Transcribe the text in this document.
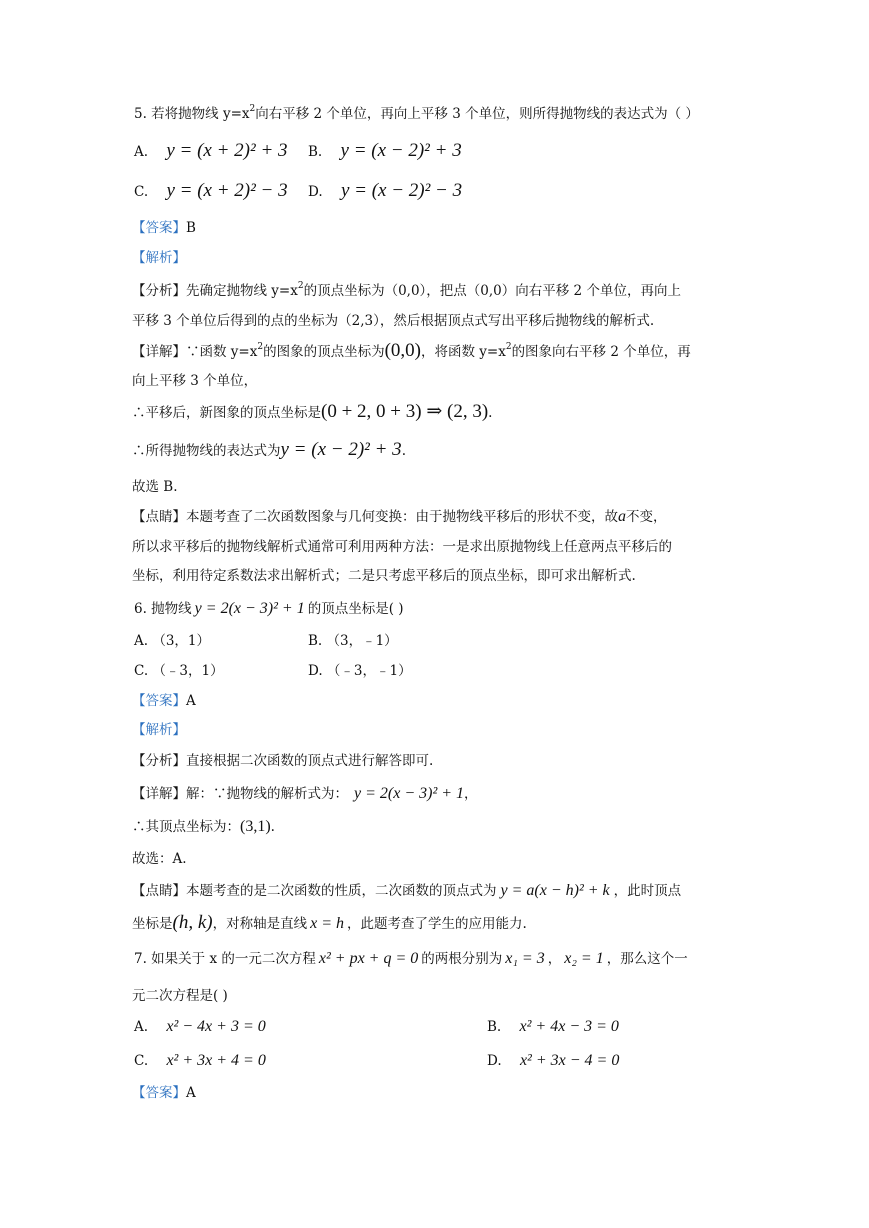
5. 若将抛物线 $y=x^2$向右平移 2 个单位，再向上平移 3 个单位，则所得抛物线的表达式为（ ）
A. y = (x + 2)² + 3 B. y = (x − 2)² + 3
C. y = (x + 2)² − 3 D. y = (x − 2)² − 3
【答案】B
【解析】
【分析】先确定抛物线 $y=x^2$的顶点坐标为（0,0），把点（0,0）向右平移 2 个单位，再向上
平移 3 个单位后得到的点的坐标为（2,3），然后根据顶点式写出平移后抛物线的解析式.
【详解】∵函数 $y=x^2$的图象的顶点坐标为(0,0)，将函数 $y=x^2$的图象向右平移 2 个单位，再
向上平移 3 个单位，
∴平移后，新图象的顶点坐标是(0 + 2, 0 + 3) ⇒ (2, 3).
∴所得抛物线的表达式为y = (x − 2)² + 3.
故选 B.
【点睛】本题考查了二次函数图象与几何变换：由于抛物线平移后的形状不变，故a不变，
所以求平移后的抛物线解析式通常可利用两种方法：一是求出原抛物线上任意两点平移后的
坐标，利用待定系数法求出解析式；二是只考虑平移后的顶点坐标，即可求出解析式.
6. 抛物线 y = 2(x − 3)² + 1 的顶点坐标是( )
A. （3，1）	B. （3，﹣1）
C. （﹣3，1）	D. （﹣3，﹣1）
【答案】A
【解析】
【分析】直接根据二次函数的顶点式进行解答即可.
【详解】解：∵抛物线的解析式为： y = 2(x − 3)² + 1，
∴其顶点坐标为：(3,1).
故选：A.
【点睛】本题考查的是二次函数的性质，二次函数的顶点式为 y = a(x − h)² + k ，此时顶点
坐标是(h, k)，对称轴是直线 x = h ，此题考查了学生的应用能力.
7. 如果关于 x 的一元二次方程 x² + px + q = 0 的两根分别为 x₁ = 3 ， x₂ = 1 ，那么这个一
元二次方程是( )
A. x² − 4x + 3 = 0	B. x² + 4x − 3 = 0
C. x² + 3x + 4 = 0	D. x² + 3x − 4 = 0
【答案】A
